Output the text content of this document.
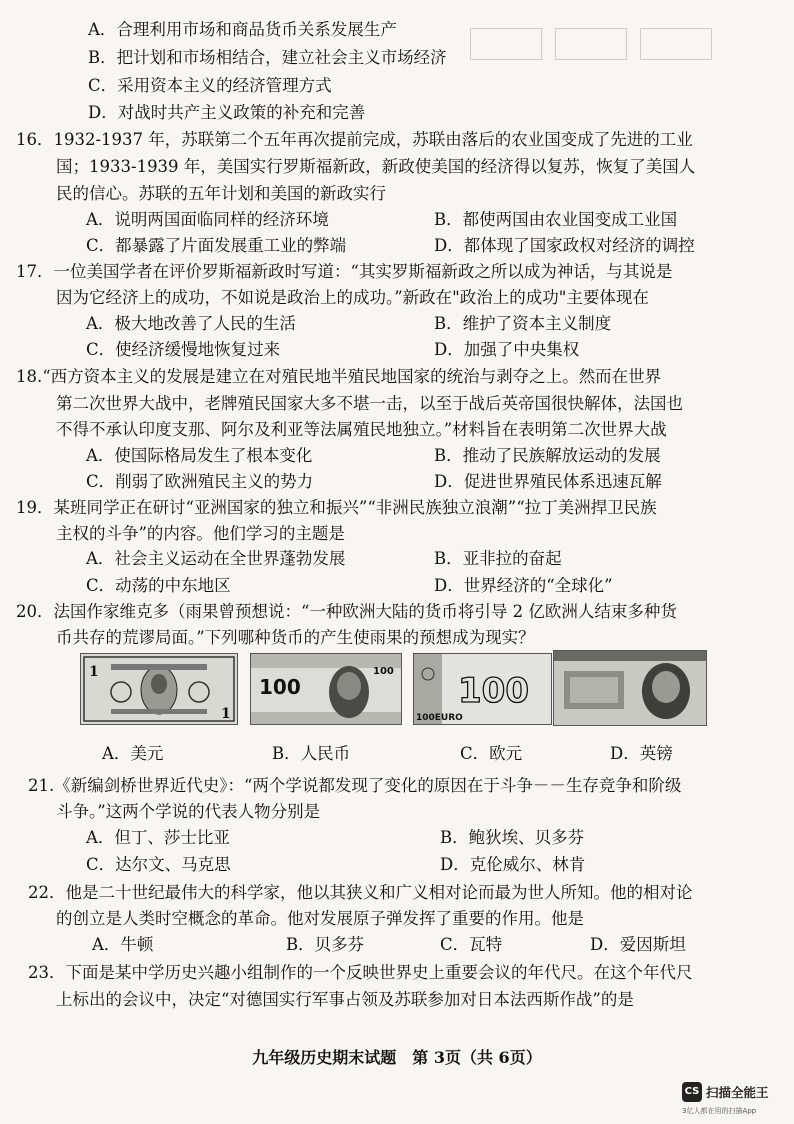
A．合理利用市场和商品货币关系发展生产
B．把计划和市场相结合，建立社会主义市场经济
C．采用资本主义的经济管理方式
D．对战时共产主义政策的补充和完善
16．1932-1937 年，苏联第二个五年再次提前完成，苏联由落后的农业国变成了先进的工业
国；1933-1939 年，美国实行罗斯福新政，新政使美国的经济得以复苏，恢复了美国人
民的信心。苏联的五年计划和美国的新政实行
A．说明两国面临同样的经济环境	B．都使两国由农业国变成工业国
C．都暴露了片面发展重工业的弊端	D．都体现了国家政权对经济的调控
17．一位美国学者在评价罗斯福新政时写道：“其实罗斯福新政之所以成为神话，与其说是
因为它经济上的成功，不如说是政治上的成功。”新政在"政治上的成功"主要体现在
A．极大地改善了人民的生活	B．维护了资本主义制度
C．使经济缓慢地恢复过来	D．加强了中央集权
18.“西方资本主义的发展是建立在对殖民地半殖民地国家的统治与剥夺之上。然而在世界
第二次世界大战中，老牌殖民国家大多不堪一击，以至于战后英帝国很快解体，法国也
不得不承认印度支那、阿尔及利亚等法属殖民地独立。”材料旨在表明第二次世界大战
A．使国际格局发生了根本变化	B．推动了民族解放运动的发展
C．削弱了欧洲殖民主义的势力	D．促进世界殖民体系迅速瓦解
19．某班同学正在研讨“亚洲国家的独立和振兴”“非洲民族独立浪潮”“拉丁美洲捍卫民族
主权的斗争”的内容。他们学习的主题是
A．社会主义运动在全世界蓬勃发展	B．亚非拉的奋起
C．动荡的中东地区	D．世界经济的“全球化”
20．法国作家维克多（雨果曾预想说：“一种欧洲大陆的货币将引导 2 亿欧洲人结束多种货
币共存的荒谬局面。”下列哪种货币的产生使雨果的预想成为现实？
1
1
100
100 100
100EURO
A．美元	B．人民币	C．欧元	D．英镑
21.《新编剑桥世界近代史》：“两个学说都发现了变化的原因在于斗争－－生存竞争和阶级
斗争。”这两个学说的代表人物分别是
A．但丁、莎士比亚	B．鲍狄埃、贝多芬
C．达尔文、马克思	D．克伦威尔、林肯
22．他是二十世纪最伟大的科学家，他以其狭义和广义相对论而最为世人所知。他的相对论
的创立是人类时空概念的革命。他对发展原子弹发挥了重要的作用。他是
A．牛顿	B．贝多芬	C．瓦特	D．爱因斯坦
23．下面是某中学历史兴趣小组制作的一个反映世界史上重要会议的年代尺。在这个年代尺
上标出的会议中，决定“对德国实行军事占领及苏联参加对日本法西斯作战”的是
九年级历史期末试题　第 3页（共 6页）
CS 扫描全能王
3亿人都在用的扫描App
